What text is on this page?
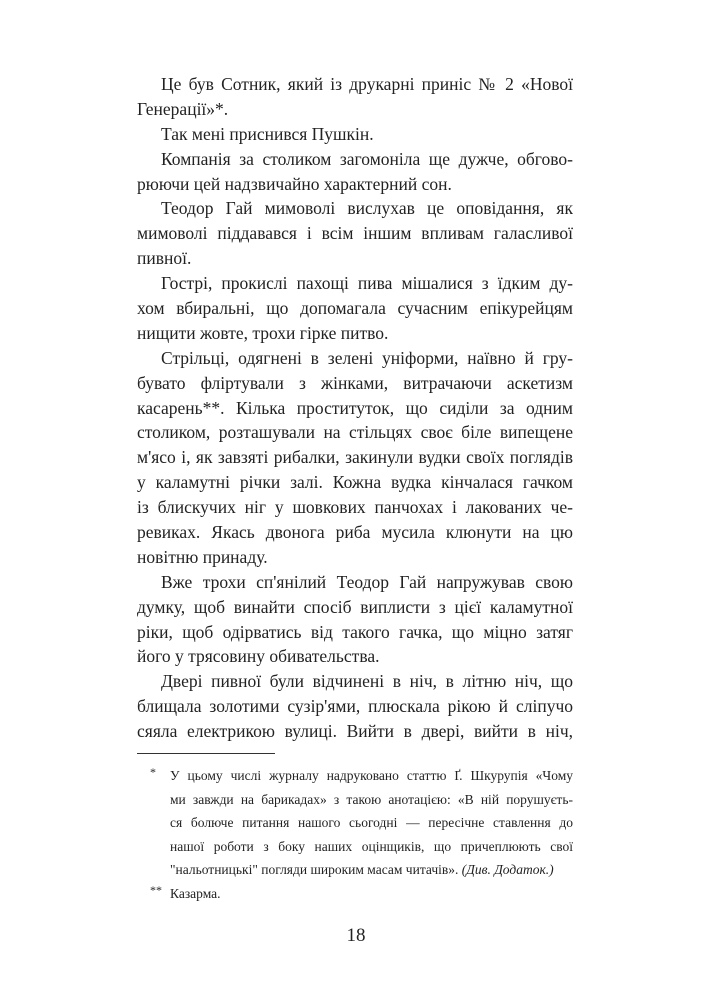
Це був Сотник, який із друкарні приніс № 2 «Нової
Генерації»*.
Так мені приснився Пушкін.
Компанія за столиком загомоніла ще дужче, обгово-
рюючи цей надзвичайно характерний сон.
Теодор Гай мимоволі вислухав це оповідання, як
мимоволі піддавався і всім іншим впливам галасливої
пивної.
Гострі, прокислі пахощі пива мішалися з їдким ду-
хом вбиральні, що допомагала сучасним епікурейцям
нищити жовте, трохи гірке питво.
Стрільці, одягнені в зелені уніформи, наївно й гру-
бувато фліртували з жінками, витрачаючи аскетизм
касарень**. Кілька проституток, що сиділи за одним
столиком, розташували на стільцях своє біле випещене
м'ясо і, як завзяті рибалки, закинули вудки своїх поглядів
у каламутні річки залі. Кожна вудка кінчалася гачком
із блискучих ніг у шовкових панчохах і лакованих че-
ревиках. Якась двонога риба мусила клюнути на цю
новітню принаду.
Вже трохи сп'янілий Теодор Гай напружував свою
думку, щоб винайти спосіб виплисти з цієї каламутної
ріки, щоб одірватись від такого гачка, що міцно затяг
його у трясовину обивательства.
Двері пивної були відчинені в ніч, в літню ніч, що
блищала золотими сузір'ями, плюскала рікою й сліпучо
сяяла електрикою вулиці. Вийти в двері, вийти в ніч,
* У цьому числі журналу надруковано статтю Ґ. Шкурупія «Чому
ми завжди на барикадах» з такою анотацією: «В ній порушуєть-
ся болюче питання нашого сьогодні — пересічне ставлення до
нашої роботи з боку наших оцінщиків, що причеплюють свої
"нальотницькі" погляди широким масам читачів». (Див. Додаток.)
** Казарма.
18
